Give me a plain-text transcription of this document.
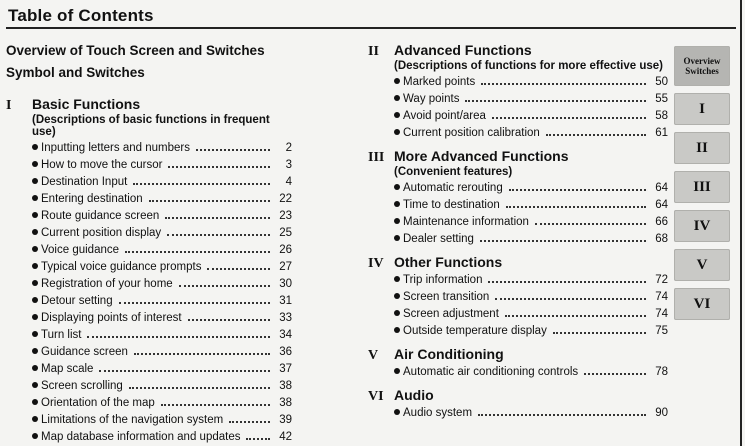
Table of Contents

Overview of Touch Screen and Switches

Symbol and Switches

I	Basic Functions
(Descriptions of basic functions in frequent use)
Inputting letters and numbers	2
How to move the cursor	3
Destination Input	4
Entering destination	22
Route guidance screen	23
Current position display	25
Voice guidance	26
Typical voice guidance prompts	27
Registration of your home	30
Detour setting	31
Displaying points of interest	33
Turn list	34
Guidance screen	36
Map scale	37
Screen scrolling	38
Orientation of the map	38
Limitations of the navigation system	39
Map database information and updates	42
II	Advanced Functions
(Descriptions of functions for more effective use)
Marked points	50
Way points	55
Avoid point/area	58
Current position calibration	61
III More Advanced Functions
(Convenient features)
Automatic rerouting	64
Time to destination	64
Maintenance information	66
Dealer setting	68
IV Other Functions
Trip information	72
Screen transition	74
Screen adjustment	74
Outside temperature display	75
V	Air Conditioning
Automatic air conditioning controls	78
VI Audio
Audio system	90
Overview Switches
I
II
III
IV
V
VI
